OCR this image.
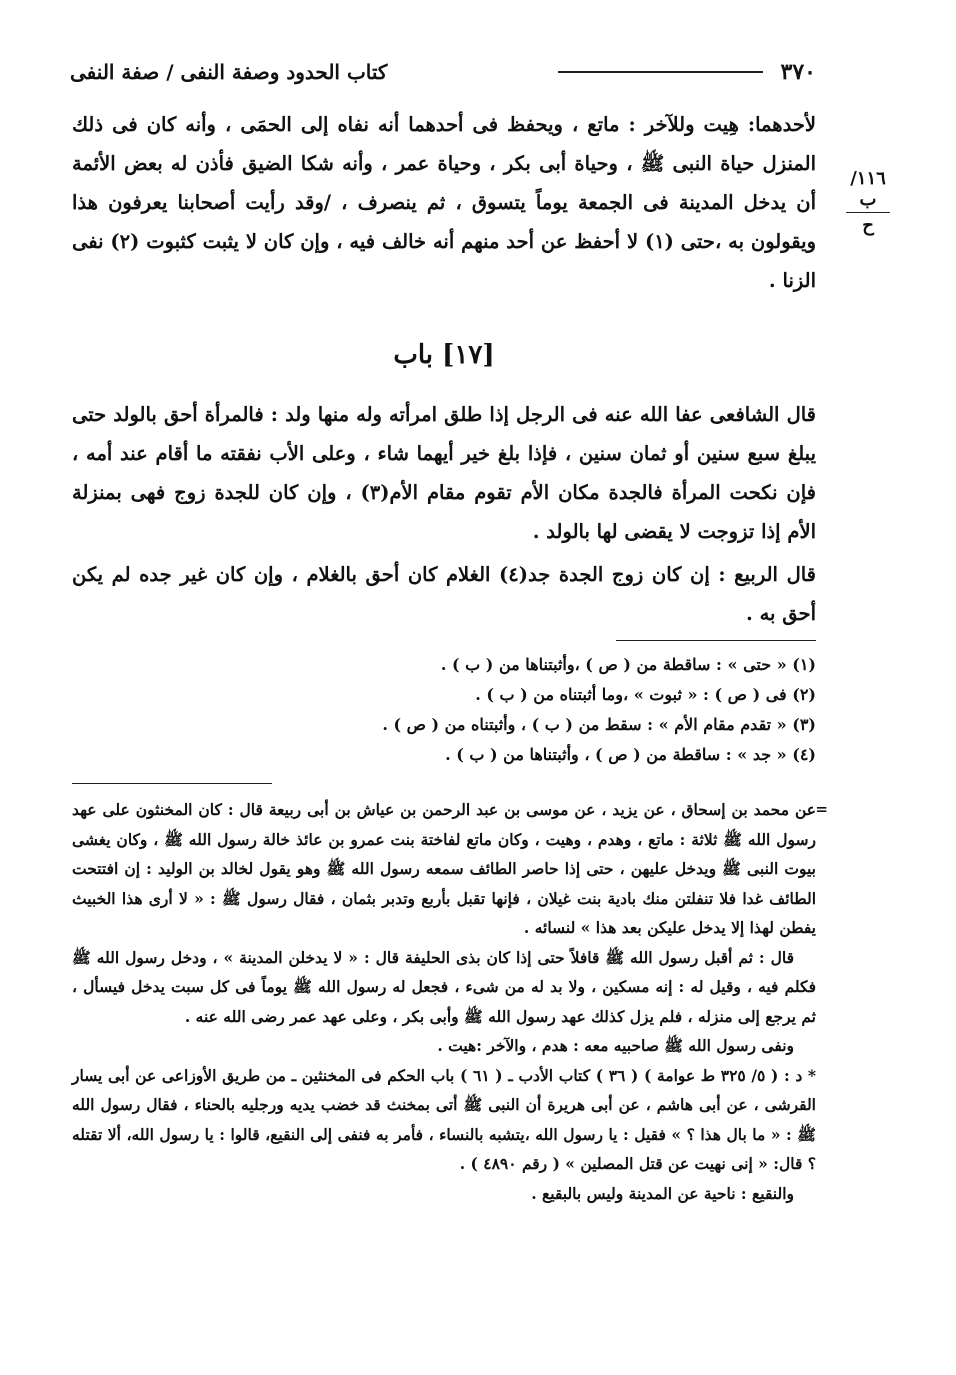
٣٧٠
كتاب الحدود وصفة النفى / صفة النفى
١١٦/ب
ح
لأحدهما: هِيت وللآخر : ماتع ، ويحفظ فى أحدهما أنه نفاه إلى الحمَى ، وأنه كان فى ذلك المنزل حياة النبى ﷺ ، وحياة أبى بكر ، وحياة عمر ، وأنه شكا الضيق فأذن له بعض الأئمة أن يدخل المدينة فى الجمعة يوماً يتسوق ، ثم ينصرف ، /وقد رأيت أصحابنا يعرفون هذا ويقولون به ،حتى (١) لا أحفظ عن أحد منهم أنه خالف فيه ، وإن كان لا يثبت كثبوت (٢) نفى الزنا .
[١٧] باب
قال الشافعى عفا الله عنه فى الرجل إذا طلق امرأته وله منها ولد : فالمرأة أحق بالولد حتى يبلغ سبع سنين أو ثمان سنين ، فإذا بلغ خير أيهما شاء ، وعلى الأب نفقته ما أقام عند أمه ، فإن نكحت المرأة فالجدة مكان الأم تقوم مقام الأم(٣) ، وإن كان للجدة زوج فهى بمنزلة الأم إذا تزوجت لا يقضى لها بالولد .
قال الربيع : إن كان زوج الجدة جد(٤) الغلام كان أحق بالغلام ، وإن كان غير جده لم يكن أحق به .
(١) « حتى » : ساقطة من ( ص ) ،وأثبتناها من ( ب ) .
(٢) فى ( ص ) : « ثبوت » ،وما أثبتناه من ( ب ) .
(٣) « تقدم مقام الأم » : سقط من ( ب ) ، وأثبتناه من ( ص ) .
(٤) « جد » : ساقطة من ( ص ) ، وأثبتناها من ( ب ) .
=

عن محمد بن إسحاق ، عن يزيد ، عن موسى بن عبد الرحمن بن عياش بن أبى ربيعة قال : كان المخنثون على عهد رسول الله ﷺ ثلاثة : ماتع ، وهدم ، وهيت ، وكان ماتع لفاختة بنت عمرو بن عائذ خالة رسول الله ﷺ ، وكان يغشى بيوت النبى ﷺ ويدخل عليهن ، حتى إذا حاصر الطائف سمعه رسول الله ﷺ وهو يقول لخالد بن الوليد : إن افتتحت الطائف غدا فلا تنفلتن منك بادية بنت غيلان ، فإنها تقبل بأربع وتدبر بثمان ، فقال رسول ﷺ : « لا أرى هذا الخبيث يفطن لهذا إلا يدخل عليكن بعد هذا » لنسائه .

قال : ثم أقبل رسول الله ﷺ قافلاً حتى إذا كان بذى الحليفة قال : « لا يدخلن المدينة » ، ودخل رسول الله ﷺ فكلم فيه ، وقيل له : إنه مسكين ، ولا بد له من شىء ، فجعل له رسول الله ﷺ يوماً فى كل سبت يدخل فيسأل ، ثم يرجع إلى منزله ، فلم يزل كذلك عهد رسول الله ﷺ وأبى بكر ، وعلى عهد عمر رضى الله عنه .

ونفى رسول الله ﷺ صاحبيه معه : هدم ، والآخر :هيت .

* د : ( ٥/ ٣٢٥ ط عوامة ) ( ٣٦ ) كتاب الأدب ـ ( ٦١ ) باب الحكم فى المخنثين ـ من طريق الأوزاعى عن أبى يسار القرشى ، عن أبى هاشم ، عن أبى هريرة أن النبى ﷺ أتى بمخنث قد خضب يديه ورجليه بالحناء ، فقال رسول الله ﷺ : « ما بال هذا ؟ » فقيل : يا رسول الله ،يتشبه بالنساء ، فأمر به فنفى إلى النقيع، قالوا : يا رسول الله، ألا تقتله ؟ قال: « إنى نهيت عن قتل المصلين » ( رقم ٤٨٩٠ ) .

والنقيع : ناحية عن المدينة وليس بالبقيع .
